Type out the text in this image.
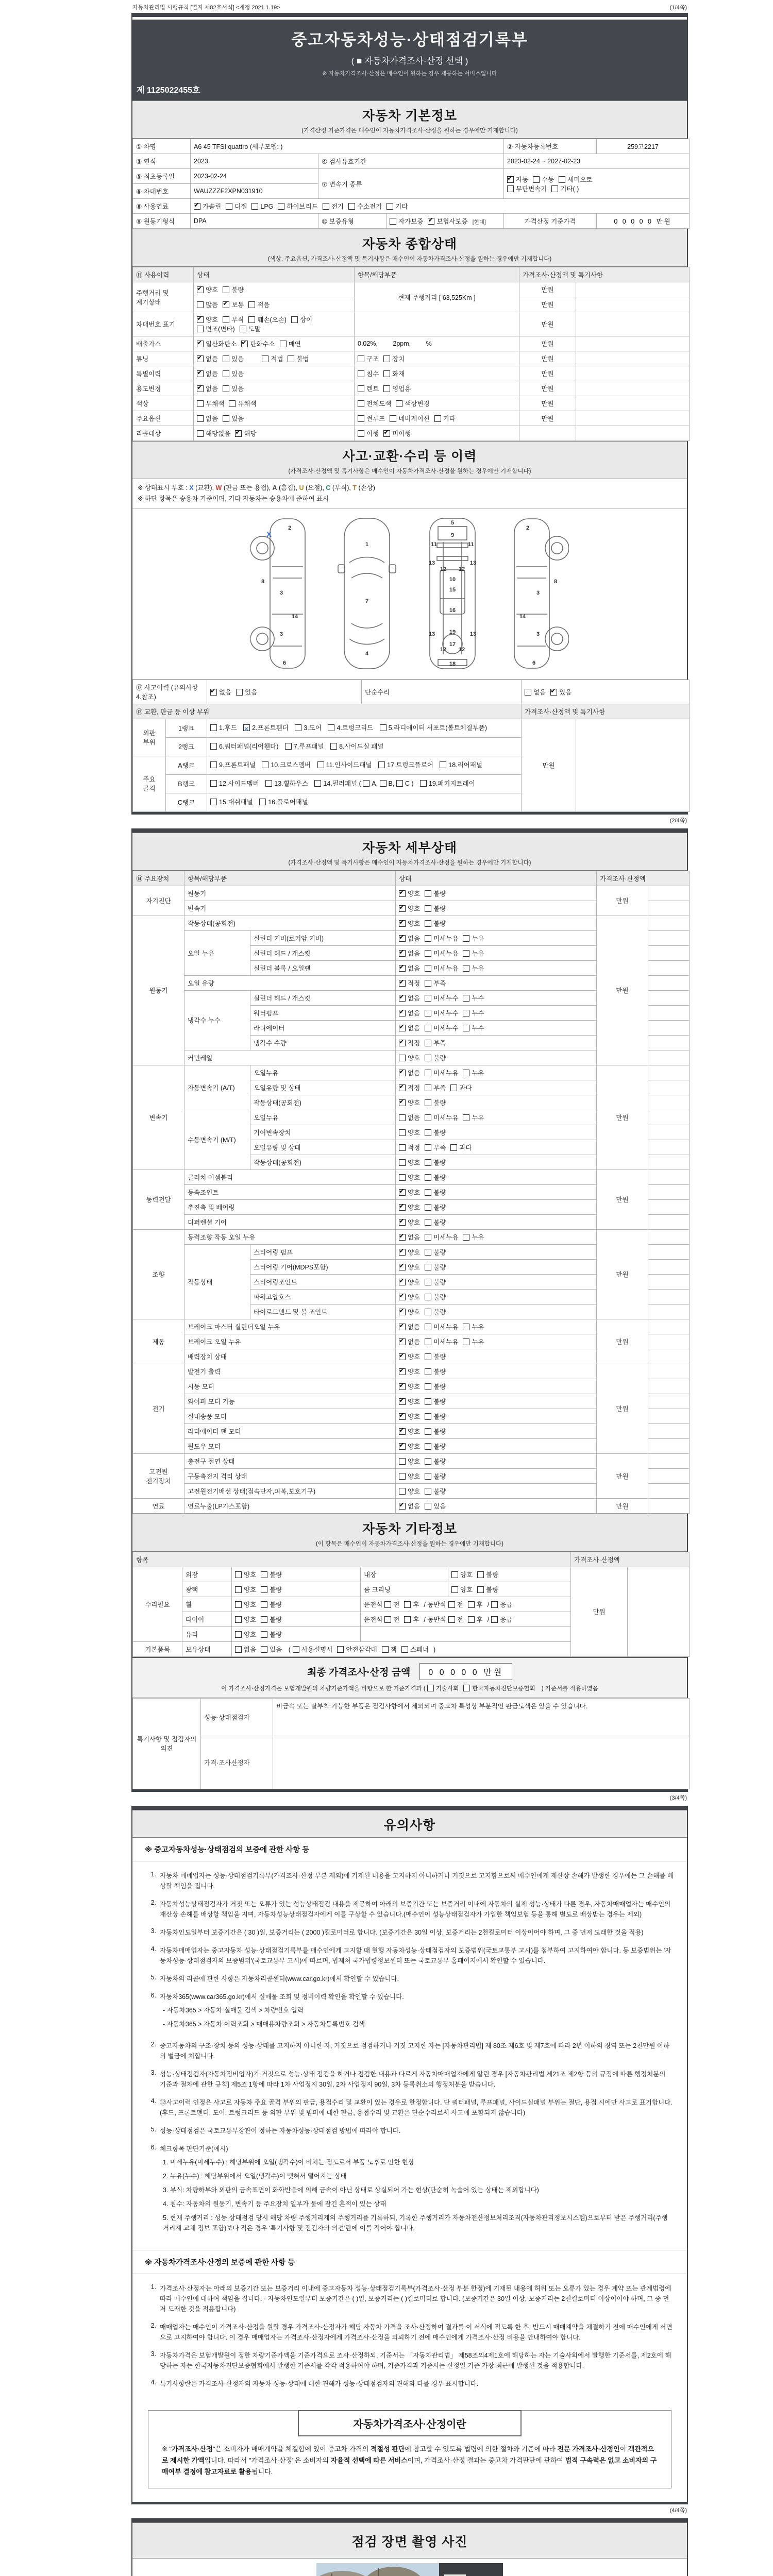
자동차관리법 시행규칙 [별지 제82호서식] <개정 2021.1.19>	(1/4쪽)
중고자동차성능·상태점검기록부
( ■ 자동차가격조사·산정 선택 )
※ 자동차가격조사·산정은 매수인이 원하는 경우 제공하는 서비스입니다
제 1125022455호
자동차 기본정보
(가격산정 기준가격은 매수인이 자동차가격조사·산정을 원하는 경우에만 기재합니다)
① 차명	A6 45 TFSI quattro (세부모델: )			② 자동차등록번호	259고2217
③ 연식	2023	④ 검사유효기간		2023-02-24 ~ 2027-02-23	
⑤ 최초등록일	2023-02-24	⑦ 변속기 종류	✔자동 수동 세미오토
무단변속기 기타( )
⑥ 차대번호	WAUZZZF2XPN031910				
⑧ 사용연료	✔가솔린 디젤 LPG 하이브리드 전기 수소전기 기타
⑨ 원동기형식	DPA	⑩ 보증유형	자가보증 ✔ 보험사보증 [현대]	가격산정 기준가격	0 0 0 0 0 만원
자동차 종합상태
(색상, 주요옵션, 가격조사·산정액 및 특기사항은 매수인이 자동차가격조사·산정을 원하는 경우에만 기재합니다)
⑪ 사용이력	상태	항목/해당부품	가격조사·산정액 및 특기사항	
주행거리 및 계기상태	✔양호 불량	현재 주행거리 [ 63,525Km ]	만원	
	많음 ✔ 보통 적음		만원	
차대번호 표기	✔양호 부식 훼손(오손) 상이변조(변타) 도말		만원	
배출가스	✔일산화탄소 ✔ 탄화수소 매연	0.02%, 2ppm, %	만원	
튜닝	✔없음 있음 적법 불법	구조 장치	만원	
특별이력	✔없음 있음	침수 화재	만원	
용도변경	✔없음 있음	렌트 영업용	만원	
색상	무채색 유채색	전체도색 색상변경	만원	
주요옵션	없음 있음	썬루프 네비게이션 기타	만원	
리콜대상	해당없음 ✔ 해당	이행 ✔ 미이행		
사고·교환·수리 등 이력
(가격조사·산정액 및 특기사항은 매수인이 자동차가격조사·산정을 원하는 경우에만 기재합니다)
※ 상태표시 부호 : X (교환), W (판금 또는 용접), A (흠집), U (요철), C (부식), T (손상)
※ 하단 항목은 승용차 기준이며, 기타 자동차는 승용차에 준하여 표시
X
2
8
3
14
3
6
1
7
4
5
9
11	11
13	13
12 12
10
15
16
13	13
19
12 12
17
18
2
8
3
14
3
6
⑫ 사고이력 (유의사항 4.참조)	✔없음 있음	단순수리	없음 ✔ 있음
⑬ 교환, 판금 등 이상 부위				가격조사·산정액 및 특기사항	
외판 부위	1랭크	1.후드 ✕ 2.프론트휀더 3.도어 4.트렁크리드 5.라디에이터 서포트(볼트체결부품)		만원	
	2랭크	6.쿼터패널(리어휀다) 7.루프패널 8.사이드실 패널			
주요 골격	A랭크	9.프론트패널 10.크로스멤버 11.인사이드패널 17.트렁크플로어 18.리어패널			
	B랭크	12.사이드멤버 13.휠하우스 14.필러패널 ( A, B, C ) 19.패키지트레이			
	C랭크	15.대쉬패널 16.플로어패널			
(2/4쪽)
자동차 세부상태
(가격조사·산정액 및 특기사항은 매수인이 자동차가격조사·산정을 원하는 경우에만 기재합니다)
⑭ 주요장치	항목/해당부품		상태	가격조사·산정액	
자기진단	원동기	✔양호 불량	만원	
	변속기	✔양호 불량	
원동기	작동상태(공회전)	✔양호 불량	만원	
	오일 누유	실린더 커버(로커암 커버)	✔없음 미세누유 누유	
		실린더 헤드 / 개스킷	✔없음 미세누유 누유	
		실린더 블록 / 오일팬	✔없음 미세누유 누유	
	오일 유량	✔적정 부족	
	냉각수 누수	실린더 헤드 / 개스킷	✔없음 미세누수 누수	
		워터펌프	✔없음 미세누수 누수	
		라디에이터	✔없음 미세누수 누수	
		냉각수 수량	✔적정 부족	
	커먼레일		양호 불량		
변속기	자동변속기 (A/T)	오일누유	✔없음 미세누유 누유	만원	
		오일유량 및 상태	✔적정 부족 과다	
		작동상태(공회전)	✔양호 불량	
	수동변속기 (M/T)	오일누유	없음 미세누유 누유		
		기어변속장치	양호 불량		
		오일유량 및 상태	적정 부족 과다		
		작동상태(공회전)	양호 불량		
동력전달	클러치 어셈블리		양호 불량	만원	
	등속조인트	✔양호 불량	
	추진축 및 베어링	✔양호 불량	
	디퍼렌셜 기어	✔양호 불량	
조향	동력조향 작동 오일 누유	✔없음 미세누유 누유	만원	
	작동상태	스티어링 펌프	✔양호 불량	
		스티어링 기어(MDPS포함)	✔양호 불량	
		스티어링조인트	✔양호 불량	
		파워고압호스	✔양호 불량	
		타이로드엔드 및 볼 조인트	✔양호 불량	
제동	브레이크 마스터 실린더오일 누유	✔없음 미세누유 누유	만원	
	브레이크 오일 누유	✔없음 미세누유 누유	
	배력장치 상태	✔양호 불량	
전기	발전기 출력	✔양호 불량	만원	
	시동 모터	✔양호 불량	
	와이퍼 모터 기능	✔양호 불량	
	실내송풍 모터	✔양호 불량	
	라디에이터 팬 모터	✔양호 불량	
	윈도우 모터	✔양호 불량	
고전원 전기장치	충전구 절연 상태		양호 불량	만원	
	구동축전지 격리 상태		양호 불량		
	고전원전기배선 상태(접속단자,피복,보호기구)		양호 불량		
연료	연료누출(LP가스포함)	✔없음 있음	만원	
자동차 기타정보
(이 항목은 매수인이 자동차가격조사·산정을 원하는 경우에만 기재합니다)
항목					가격조사·산정액	
수리필요	외장	양호 불량	내장	양호 불량	만원	
	광택	양호 불량	룸 크리닝	양호 불량		
	휠	양호 불량	운전석 전 후 / 동반석 전 후 / 응급			
	타이어	양호 불량	운전석 전 후 / 동반석 전 후 / 응급			
	유리	양호 불량				
기본품목	보유상태	없음 있음 ( 사용설명서 안전삼각대 잭 스패너 )				
최종 가격조사·산정 금액	0 0 0 0 0 만원
이 가격조사·산정가격은 보험개발원의 차량기준가액을 바탕으로 한 기준가격과 ( 기술사회 한국자동차진단보증협회 ) 기준서를 적용하였음
특기사항 및 점검자의 의견	성능·상태점검자	비금속 또는 탈부착 가능한 부품은 점검사항에서 제외되며 중고차 특성상 부분적인 판금도색은 있을 수 있습니다.
	가격·조사산정자	
(3/4쪽)
유의사항
※ 중고자동차성능·상태점검의 보증에 관한 사항 등
1. 자동차 매매업자는 성능·상태점검기록부(가격조사·산정 부분 제외)에 기재된 내용을 고지하지 아니하거나 거짓으로 고지함으로써 매수인에게 재산상 손해가 발생한 경우에는 그 손해를 배상할 책임을 집니다.
2. 자동차성능상태점검자가 거짓 또는 오류가 있는 성능상태점검 내용을 제공하여 아래의 보증기간 또는 보증거리 이내에 자동차의 실제 성능·상태가 다른 경우, 자동차매매업자는 매수인의 재산상 손해를 배상할 책임을 지며, 자동차성능상태점검자에게 이를 구상할 수 있습니다.(매수인이 성능상태점검자가 가입한 책임보험 등을 통해 별도로 배상받는 경우는 제외)
3. 자동차인도일부터 보증기간은 ( 30 )일, 보증거리는 ( 2000 )킬로미터로 합니다. (보증기간은 30일 이상, 보증거리는 2천킬로미터 이상이어야 하며, 그 중 먼저 도래한 것을 적용)
4. 자동차매매업자는 중고자동차 성능·상태점검기록부를 매수인에게 고지할 때 현행 자동차성능·상태점검자의 보증범위(국토교통부 고시)를 첨부하여 고지하여야 합니다. 동 보증범위는 '자동차성능·상태점검자의 보증범위'(국토교통부 고시)에 따르며, 법제처 국가법령정보센터 또는 국토교통부 홈페이지에서 확인할 수 있습니다.
5. 자동차의 리콜에 관한 사항은 자동차리콜센터(www.car.go.kr)에서 확인할 수 있습니다.
6. 자동차365(www.car365.go.kr)에서 실매물 조회 및 정비이력 확인을 확인할 수 있습니다.
- 자동차365 > 자동차 실매물 검색 > 차량번호 입력
- 자동차365 > 자동차 이력조회 > 매매용차량조회 > 자동차등록번호 검색
2. 중고자동차의 구조·장치 등의 성능·상태를 고지하지 아니한 자, 거짓으로 점검하거나 거짓 고지한 자는 [자동차관리법] 제 80조 제6호 및 제7호에 따라 2년 이하의 징역 또는 2천만원 이하의 벌금에 처합니다.
3. 성능·상태점검자(자동차정비업자)가 거짓으로 성능·상태 점검을 하거나 점검한 내용과 다르게 자동차매매업자에게 알린 경우 [자동차관리법 제21조 제2항 등의 규정에 따른 행정처분의 기준과 절차에 관한 규칙] 제5조 1항에 따라 1차 사업정지 30일, 2차 사업정지 90일, 3차 등록취소의 행정처분을 받습니다.
4. ⑫사고이력 인정은 사고로 자동차 주요 골격 부위의 판금, 용접수리 및 교환이 있는 경우로 한정합니다. 단 쿼터패널, 루프패널, 사이드실패널 부위는 절단, 용접 시에만 사고로 표기합니다. (후드, 프론트펜더, 도어, 트렁크리드 등 외판 부위 및 범퍼에 대한 판금, 용접수리 및 교환은 단순수리로서 사고에 포함되지 않습니다)
5. 성능·상태점검은 국토교통부장관이 정하는 자동차성능·상태점검 방법에 따라야 합니다.
6. 체크항목 판단기준(예시)
1. 미세누유(미세누수) : 해당부위에 오일(냉각수)이 비치는 정도로서 부품 노후로 인한 현상
2. 누유(누수) : 해당부위에서 오일(냉각수)이 맺혀서 떨어지는 상태
3. 부식: 차량하부와 외판의 금속표면이 화학반응에 의해 금속이 아닌 상태로 상실되어 가는 현상(단순히 녹슬어 있는 상태는 제외합니다)
4. 침수: 자동차의 원동기, 변속기 등 주요장치 일부가 물에 잠긴 흔적이 있는 상태
5. 현재 주행거리 : 성능·상태점검 당시 해당 차량 주행거리계의 주행거리를 기록하되, 기록한 주행거리가 자동차전산정보처리조직(자동차관리정보시스템)으로부터 받은 주행거리(주행거리계 교체 정보 포함)보다 적은 경우 '특기사항 및 점검자의 의견'란에 이를 적어야 합니다.
※ 자동차가격조사·산정의 보증에 관한 사항 등
1. 가격조사·산정자는 아래의 보증기간 또는 보증거리 이내에 중고자동차 성능·상태점검기록부(가격조사·산정 부분 한정)에 기재된 내용에 허위 또는 오류가 있는 경우 계약 또는 관계법령에 따라 매수인에 대하여 책임을 집니다. · 자동차인도일부터 보증기간은 ( )일, 보증거리는 ( )킬로미터로 합니다. (보증기간은 30일 이상, 보증거리는 2천킬로미터 이상이어야 하며, 그 중 먼저 도래한 것을 적용합니다)
2. 매매업자는 매수인이 가격조사·산정을 원할 경우 가격조사·산정자가 해당 자동차 가격을 조사·산정하여 결과를 이 서식에 적도록 한 후, 반드시 매매계약을 체결하기 전에 매수인에게 서면으로 고지하여야 합니다. 이 경우 매매업자는 가격조사·산정자에게 가격조사·산정을 의뢰하기 전에 매수인에게 가격조사·산정 비용을 안내하여야 합니다.
3. 자동차가격은 보험개발원이 정한 차량기준가액을 기준가격으로 조사·산정하되, 기준서는 「자동차관리법」 제58조의4제1호에 해당하는 자는 기술사회에서 발행한 기준서를, 제2호에 해당하는 자는 한국자동차진단보증협회에서 발행한 기준서를 각각 적용하여야 하며, 기준가격과 기준서는 산정일 기준 가장 최근에 발행된 것을 적용합니다.
4. 특기사항란은 가격조사·산정자의 자동차 성능·상태에 대한 견해가 성능·상태점검자의 견해와 다를 경우 표시합니다.
자동차가격조사·산정이란
※ "가격조사·산정"은 소비자가 매매계약을 체결함에 있어 중고차 가격의 적절성 판단에 참고할 수 있도록 법령에 의한 절차와 기준에 따라 전문 가격조사·산정인이 객관적으로 제시한 가액입니다. 따라서 "가격조사·산정"은 소비자의 자율적 선택에 따른 서비스이며, 가격조사·산정 결과는 중고차 가격판단에 관하여 법적 구속력은 없고 소비자의 구매여부 결정에 참고자료로 활용됩니다.
(4/4쪽)
점검 장면 촬영 사진
